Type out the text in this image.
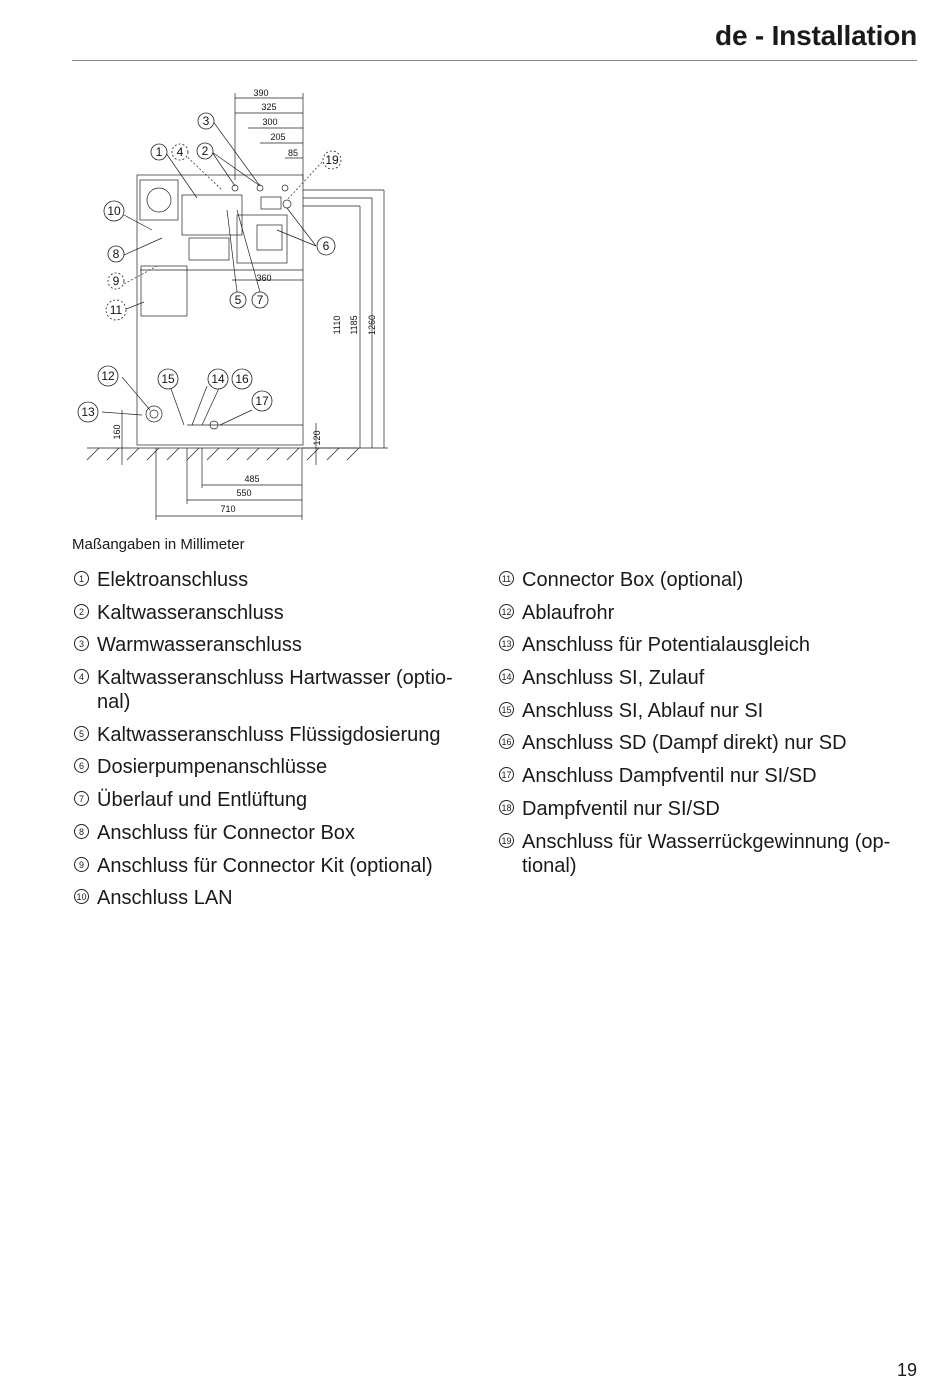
de - Installation
390
325
300
205
85
360
485
550
710
1110 1185 1260
160	120
3
1	2
4
19
10
8
9
11
6
5 7
12
13
15	14 16
17
Maßangaben in Millimeter
1 Elektroanschluss
2 Kaltwasseranschluss
3 Warmwasseranschluss
4 Kaltwasseranschluss Hartwasser (optio-
nal)
5 Kaltwasseranschluss Flüssigdosierung
6 Dosierpumpenanschlüsse
7 Überlauf und Entlüftung
8 Anschluss für Connector Box
9 Anschluss für Connector Kit (optional)
10 Anschluss LAN
11 Connector Box (optional)
12 Ablaufrohr
13 Anschluss für Potentialausgleich
14 Anschluss SI, Zulauf
15 Anschluss SI, Ablauf nur SI
16 Anschluss SD (Dampf direkt) nur SD
17 Anschluss Dampfventil nur SI/SD
18 Dampfventil nur SI/SD
19 Anschluss für Wasserrückgewinnung (op-
tional)
19
